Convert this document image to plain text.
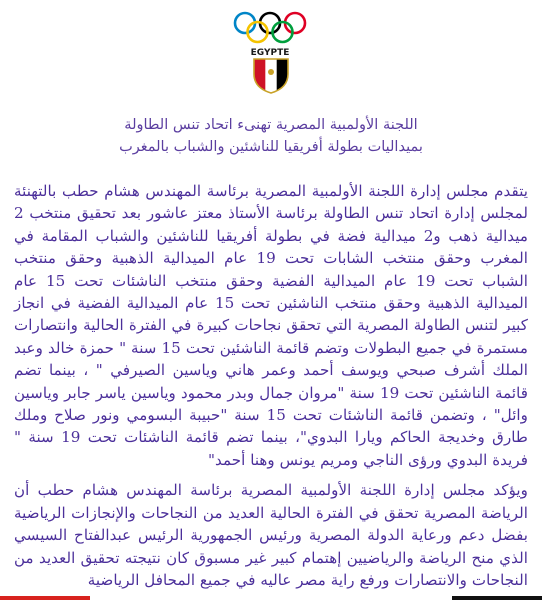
EGYPTE
اللجنة الأولمبية المصرية تهنىء اتحاد تنس الطاولة
بميداليات بطولة أفريقيا للناشئين والشباب بالمغرب

يتقدم مجلس إدارة اللجنة الأولمبية المصرية برئاسة المهندس هشام حطب بالتهنئة لمجلس إدارة اتحاد تنس الطاولة برئاسة الأستاذ معتز عاشور بعد تحقيق منتخب 2 ميدالية ذهب و2 ميدالية فضة في بطولة أفريقيا للناشئين والشباب المقامة في المغرب وحقق منتخب الشابات تحت 19 عام الميدالية الذهبية وحقق منتخب الشباب تحت 19 عام الميدالية الفضية وحقق منتخب الناشئات تحت 15 عام الميدالية الذهبية وحقق منتخب الناشئين تحت 15 عام الميدالية الفضية في انجاز كبير لتنس الطاولة المصرية التي تحقق نجاحات كبيرة في الفترة الحالية وانتصارات مستمرة في جميع البطولات وتضم قائمة الناشئين تحت 15 سنة " حمزة خالد وعبد الملك أشرف صبحي ويوسف أحمد وعمر هاني وياسين الصيرفي " ، بينما تضم قائمة الناشئين تحت 19 سنة "مروان جمال وبدر محمود وياسين ياسر جابر وياسين وائل" ، وتضمن قائمة الناشئات تحت 15 سنة "حبيبة البسومي ونور صلاح وملك طارق وخديجة الحاكم ويارا البدوي"، بينما تضم قائمة الناشئات تحت 19 سنة " فريدة البدوي ورؤى الناجي ومريم يونس وهنا أحمد"

ويؤكد مجلس إدارة اللجنة الأولمبية المصرية برئاسة المهندس هشام حطب أن الرياضة المصرية تحقق في الفترة الحالية العديد من النجاحات والإنجازات الرياضية بفضل دعم ورعاية الدولة المصرية ورئيس الجمهورية الرئيس عبدالفتاح السيسي الذي منح الرياضة والرياضيين إهتمام كبير غير مسبوق كان نتيجته تحقيق العديد من النجاحات والانتصارات ورفع راية مصر عاليه في جميع المحافل الرياضية
